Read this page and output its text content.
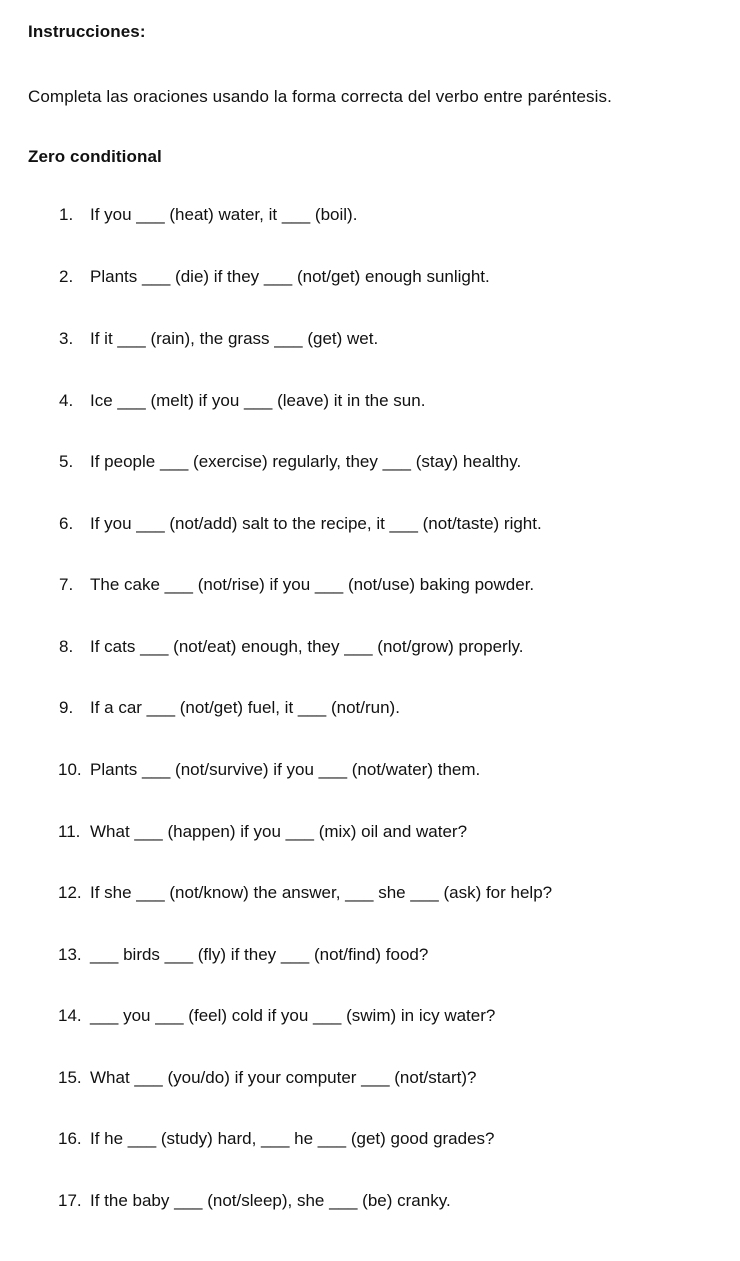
Instrucciones:

Completa las oraciones usando la forma correcta del verbo entre paréntesis.

Zero conditional
1. If you ___ (heat) water, it ___ (boil).
2. Plants ___ (die) if they ___ (not/get) enough sunlight.
3. If it ___ (rain), the grass ___ (get) wet.
4. Ice ___ (melt) if you ___ (leave) it in the sun.
5. If people ___ (exercise) regularly, they ___ (stay) healthy.
6. If you ___ (not/add) salt to the recipe, it ___ (not/taste) right.
7. The cake ___ (not/rise) if you ___ (not/use) baking powder.
8. If cats ___ (not/eat) enough, they ___ (not/grow) properly.
9. If a car ___ (not/get) fuel, it ___ (not/run).
10. Plants ___ (not/survive) if you ___ (not/water) them.
11. What ___ (happen) if you ___ (mix) oil and water?
12. If she ___ (not/know) the answer, ___ she ___ (ask) for help?
13. ___ birds ___ (fly) if they ___ (not/find) food?
14. ___ you ___ (feel) cold if you ___ (swim) in icy water?
15. What ___ (you/do) if your computer ___ (not/start)?
16. If he ___ (study) hard, ___ he ___ (get) good grades?
17. If the baby ___ (not/sleep), she ___ (be) cranky.
